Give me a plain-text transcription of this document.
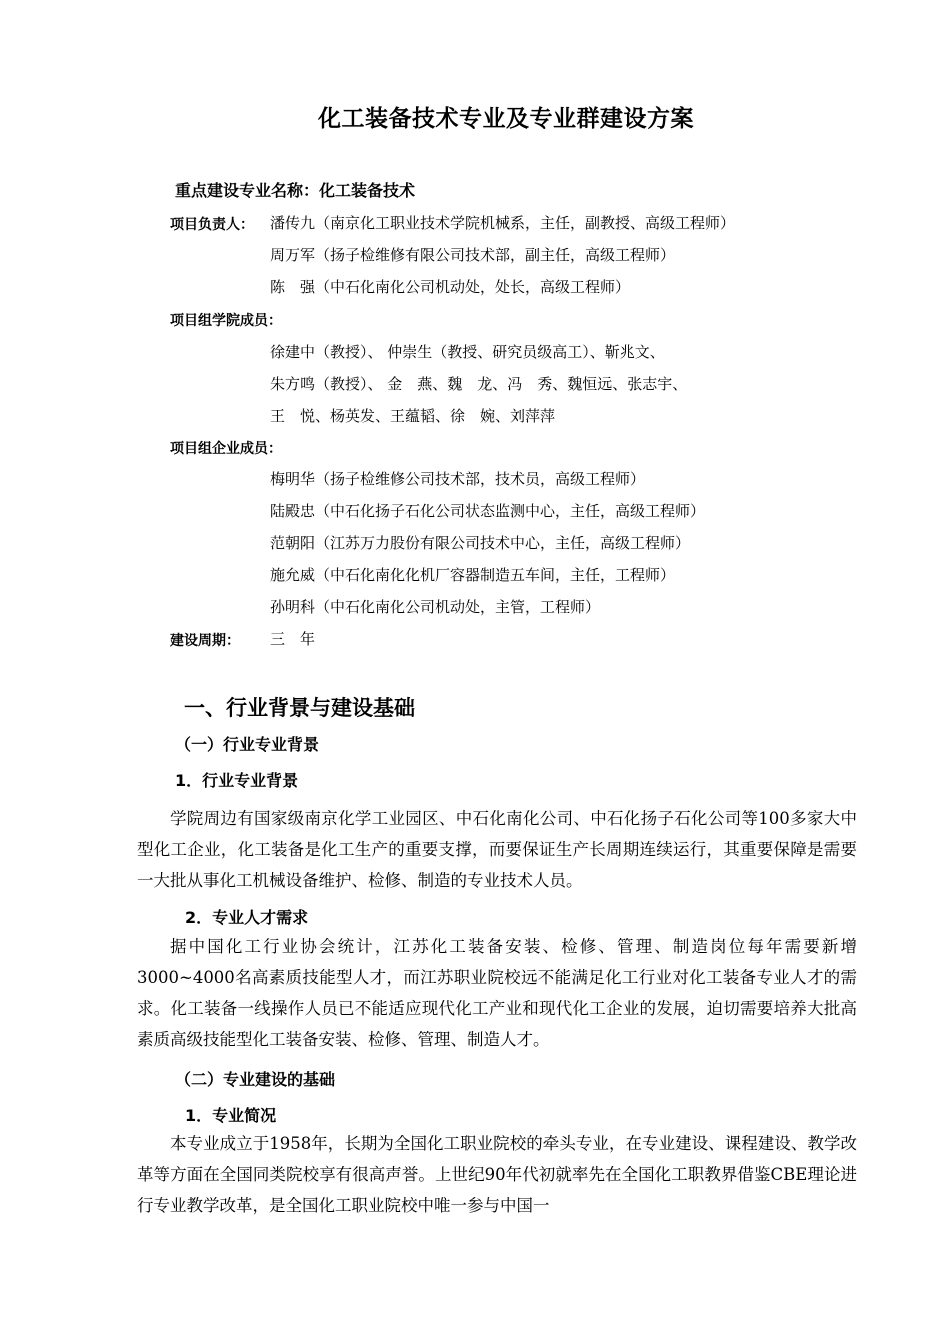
化工装备技术专业及专业群建设方案
重点建设专业名称：化工装备技术
项目负责人： 潘传九（南京化工职业技术学院机械系，主任，副教授、高级工程师）
周万军（扬子检维修有限公司技术部，副主任，高级工程师）
陈　强（中石化南化公司机动处，处长，高级工程师）
项目组学院成员：
徐建中（教授）、 仲崇生（教授、研究员级高工）、靳兆文、
朱方鸣（教授）、 金　燕、魏　龙、冯　秀、魏恒远、张志宇、
王　悦、杨英发、王蕴韬、徐　婉、刘萍萍
项目组企业成员：
梅明华（扬子检维修公司技术部，技术员，高级工程师）
陆殿忠（中石化扬子石化公司状态监测中心，主任，高级工程师）
范朝阳（江苏万力股份有限公司技术中心，主任，高级工程师）
施允威（中石化南化化机厂容器制造五车间，主任，工程师）
孙明科（中石化南化公司机动处，主管，工程师）
建设周期： 三　年
一、行业背景与建设基础
（一）行业专业背景
1．行业专业背景

学院周边有国家级南京化学工业园区、中石化南化公司、中石化扬子石化公司等100多家大中型化工企业，化工装备是化工生产的重要支撑，而要保证生产长周期连续运行，其重要保障是需要一大批从事化工机械设备维护、检修、制造的专业技术人员。

2．专业人才需求

据中国化工行业协会统计，江苏化工装备安装、检修、管理、制造岗位每年需要新增3000~4000名高素质技能型人才，而江苏职业院校远不能满足化工行业对化工装备专业人才的需求。化工装备一线操作人员已不能适应现代化工产业和现代化工企业的发展，迫切需要培养大批高素质高级技能型化工装备安装、检修、管理、制造人才。

（二）专业建设的基础
1．专业简况

本专业成立于1958年，长期为全国化工职业院校的牵头专业，在专业建设、课程建设、教学改革等方面在全国同类院校享有很高声誉。上世纪90年代初就率先在全国化工职教界借鉴CBE理论进行专业教学改革，是全国化工职业院校中唯一参与中国一
